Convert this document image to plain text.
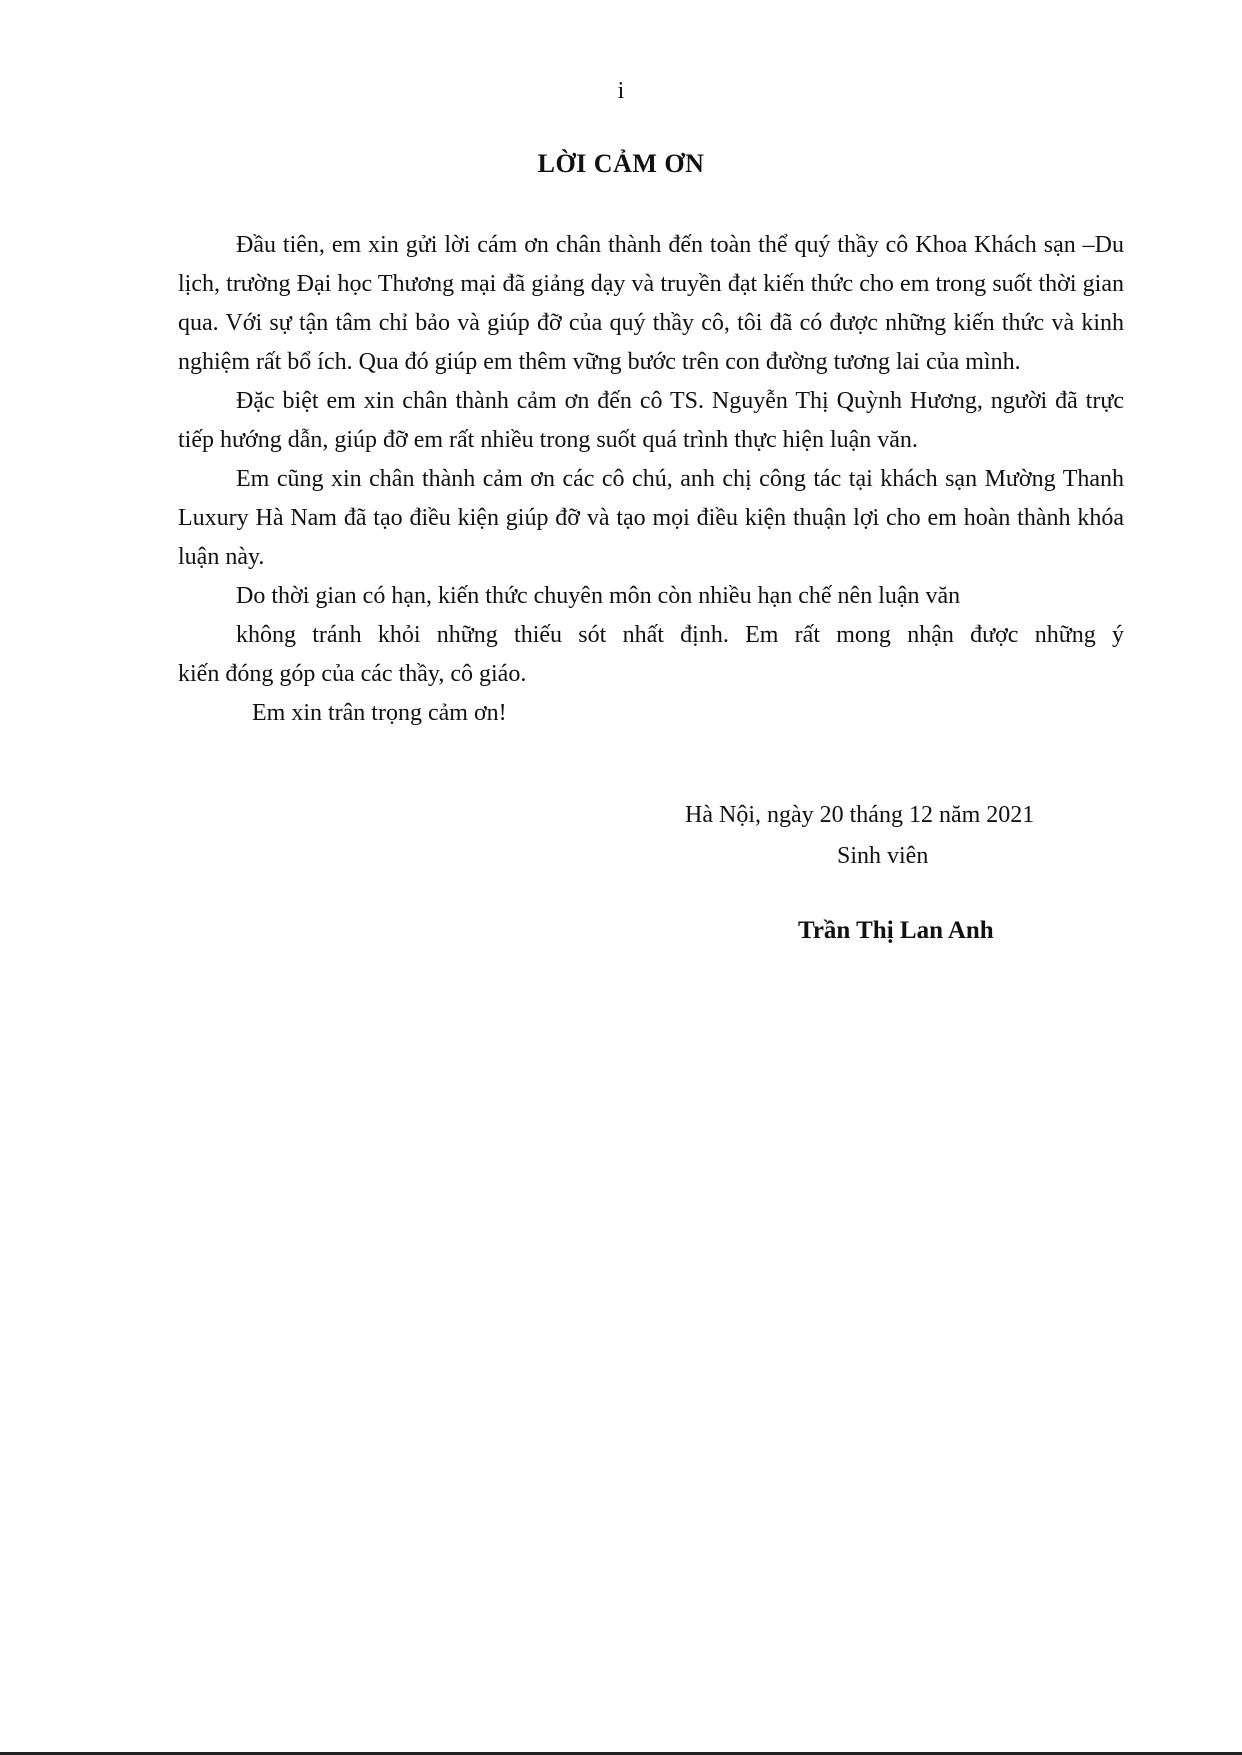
i
LỜI CẢM ƠN

Đầu tiên, em xin gửi lời cám ơn chân thành đến toàn thể quý thầy cô Khoa Khách sạn –Du lịch, trường Đại học Thương mại đã giảng dạy và truyền đạt kiến thức cho em trong suốt thời gian qua. Với sự tận tâm chỉ bảo và giúp đỡ của quý thầy cô, tôi đã có được những kiến thức và kinh nghiệm rất bổ ích. Qua đó giúp em thêm vững bước trên con đường tương lai của mình.

Đặc biệt em xin chân thành cảm ơn đến cô TS. Nguyễn Thị Quỳnh Hương, người đã trực tiếp hướng dẫn, giúp đỡ em rất nhiều trong suốt quá trình thực hiện luận văn.

Em cũng xin chân thành cảm ơn các cô chú, anh chị công tác tại khách sạn Mường Thanh Luxury Hà Nam đã tạo điều kiện giúp đỡ và tạo mọi điều kiện thuận lợi cho em hoàn thành khóa luận này.

Do thời gian có hạn, kiến thức chuyên môn còn nhiều hạn chế nên luận văn
không tránh khỏi những thiếu sót nhất định. Em rất mong nhận được những ý
kiến đóng góp của các thầy, cô giáo.

Em xin trân trọng cảm ơn!

Hà Nội, ngày 20 tháng 12 năm 2021
Sinh viên
Trần Thị Lan Anh
